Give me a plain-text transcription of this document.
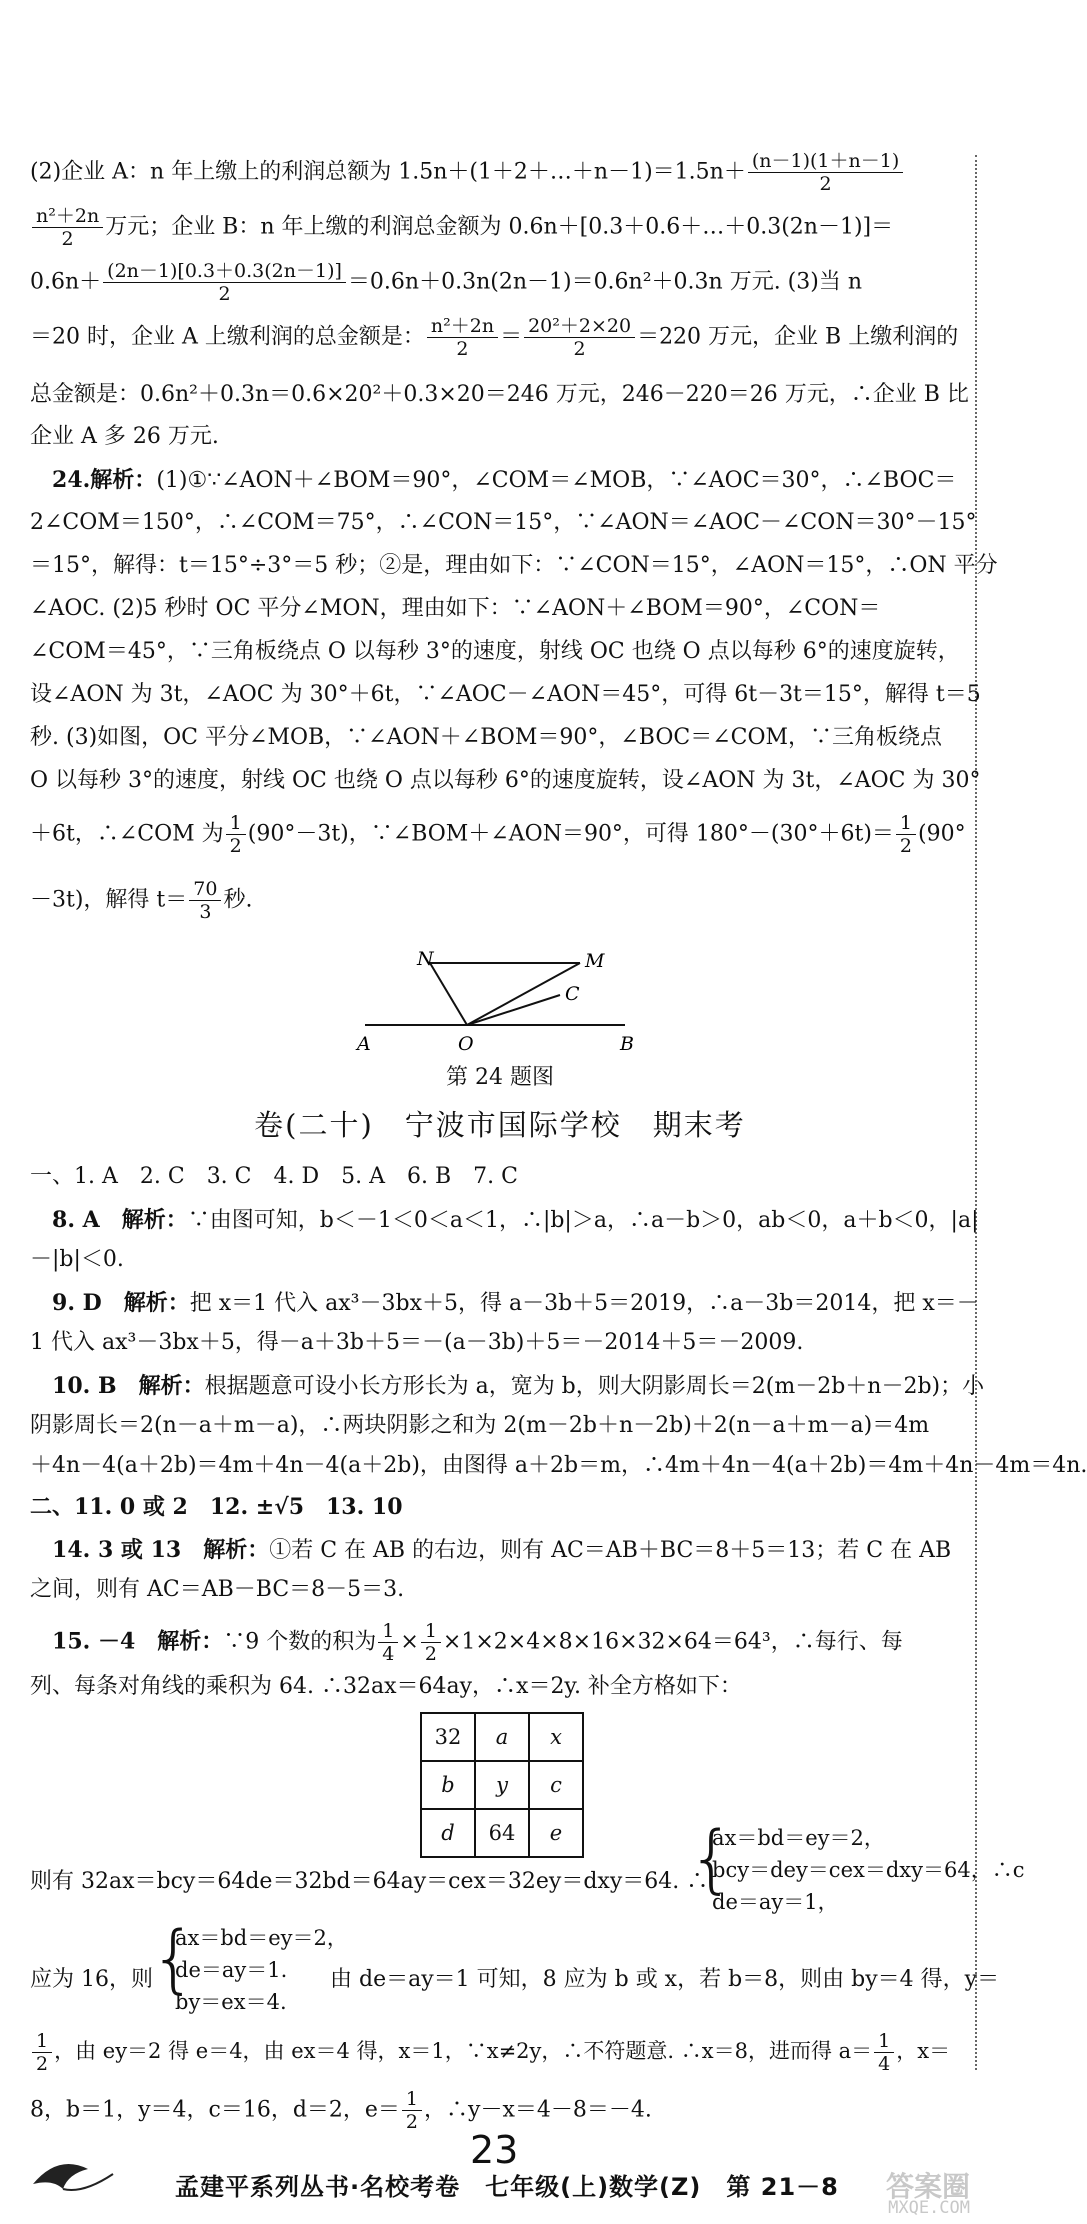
(2)企业 A：n 年上缴上的利润总额为 1.5n＋(1＋2＋…＋n－1)＝1.5n＋ $\frac{(n-1)(1+n-1)}{2}$
$\frac{\text{n²＋2n}}{2}$ 万元；企业 B：n 年上缴的利润总金额为 0.6n＋[0.3＋0.6＋…＋0.3(2n－1)]＝
$0.6n+ \frac{(2n-1)[0.3+0.3(2n-1)]}{2} =0.6n+0.3n(2n-1)=0.6n^2+0.3n$ 万元. (3)当 n
＝20 时，企业 A 上缴利润的总金额是： $\frac{\text{n²＋2n}}{2} = \frac{\text{20²＋2×20}}{2} =220$ 万元，企业 B 上缴利润的
总金额是：0.6n²＋0.3n＝0.6×20²＋0.3×20＝246 万元，246－220＝26 万元，∴企业 B 比
企业 A 多 26 万元.
　24.解析：(1)①∵∠AON＋∠BOM＝90°，∠COM＝∠MOB，∵∠AOC＝30°，∴∠BOC＝
2∠COM＝150°，∴∠COM＝75°，∴∠CON＝15°，∵∠AON＝∠AOC－∠CON＝30°－15°
＝15°，解得：t＝15°÷3°＝5 秒；②是，理由如下：∵∠CON＝15°，∠AON＝15°，∴ON 平分
∠AOC. (2)5 秒时 OC 平分∠MON，理由如下：∵∠AON＋∠BOM＝90°，∠CON＝
∠COM＝45°，∵三角板绕点 O 以每秒 3°的速度，射线 OC 也绕 O 点以每秒 6°的速度旋转，
设∠AON 为 3t，∠AOC 为 30°＋6t，∵∠AOC－∠AON＝45°，可得 6t－3t＝15°，解得 t＝5
秒. (3)如图，OC 平分∠MOB，∵∠AON＋∠BOM＝90°，∠BOC＝∠COM，∵三角板绕点
O 以每秒 3°的速度，射线 OC 也绕 O 点以每秒 6°的速度旋转，设∠AON 为 3t，∠AOC 为 30°
＋6t，∴∠COM 为 $\frac{1}{2} (90^\circ-3t)$，∵∠BOM＋∠AON＝90°，可得 $180^\circ-(30^\circ+6t)= \frac{1}{2} (90^\circ$
－3t)，解得 $t= \frac{70}{3}$ 秒.
N	M
C
A	O	B
第 24 题图
卷(二十)　宁波市国际学校　期末考
一、1. A　2. C　3. C　4. D　5. A　6. B　7. C
　8. A　 解析：∵由图可知，b＜－1＜0＜a＜1，∴|b|＞a，∴a－b＞0，ab＜0，a＋b＜0，|a|
－|b|＜0.
　9. D　 解析：把 x＝1 代入 ax³－3bx＋5，得 a－3b＋5＝2019，∴a－3b＝2014，把 x＝－
1 代入 ax³－3bx＋5，得－a＋3b＋5＝－(a－3b)＋5＝－2014＋5＝－2009.
　10. B　 解析：根据题意可设小长方形长为 a，宽为 b，则大阴影周长＝2(m－2b＋n－2b)；小
阴影周长＝2(n－a＋m－a)，∴两块阴影之和为 2(m－2b＋n－2b)＋2(n－a＋m－a)＝4m
＋4n－4(a＋2b)＝4m＋4n－4(a＋2b)，由图得 a＋2b＝m，∴4m＋4n－4(a＋2b)＝4m＋4n－4m＝4n.
二、11. 0 或 2　12. ±√5　13. 10
　14. 3 或 13　 解析：①若 C 在 AB 的右边，则有 AC＝AB＋BC＝8＋5＝13；若 C 在 AB
之间，则有 AC＝AB－BC＝8－5＝3.
　15. －4　 解析：∵9 个数的积为 $\frac{1}{4} \times \frac{1}{2} \times 1\times 2\times 4\times 8\times 16\times 32\times 64=64^3$，∴每行、每
列、每条对角线的乘积为 64. ∴32ax＝64ay，∴x＝2y. 补全方格如下：
32	a	x
b	y	c
d	64	e
则有 32ax＝bcy＝64de＝32bd＝64ay＝cex＝32ey＝dxy＝64. ∴
{
ax＝bd＝ey＝2，
bcy＝dey＝cex＝dxy＝64，∴c
de＝ay＝1，
应为 16，则
{
ax＝bd＝ey＝2，
de＝ay＝1.
by＝ex＝4.
由 de＝ay＝1 可知，8 应为 b 或 x，若 b＝8，则由 by＝4 得，y＝
$\frac{1}{2}$ ，由 ey＝2 得 e＝4，由 ex＝4 得，x＝1，∵x≠2y，∴不符题意. ∴x＝8，进而得 $a= \frac{1}{4}$ ，x＝
8，b＝1，y＝4，c＝16，d＝2，$e= \frac{1}{2}$ ，∴y－x＝4－8＝－4.
孟建平系列丛书·名校考卷　七年级(上)数学(Z)　第 21－8
23
答案圈
MXQE.COM
